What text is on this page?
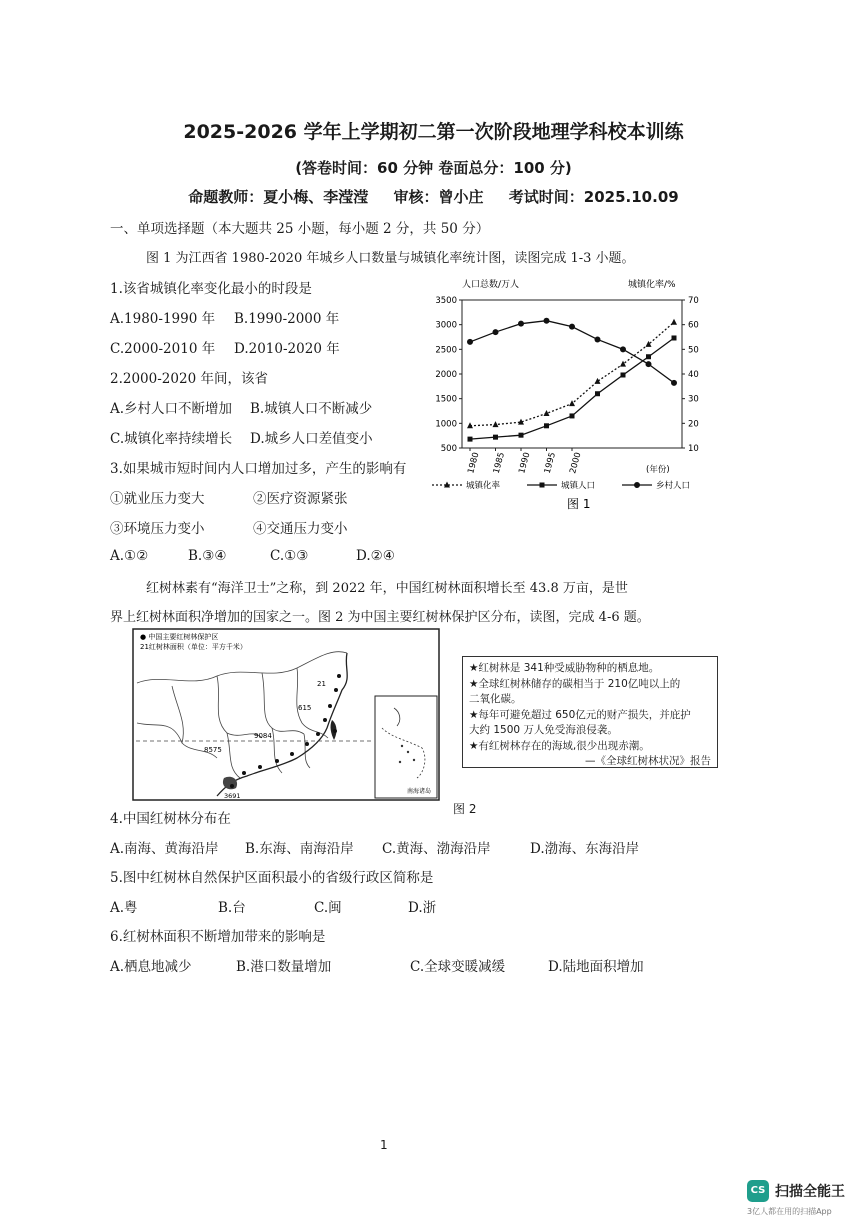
2025-2026 学年上学期初二第一次阶段地理学科校本训练
(答卷时间：60 分钟 卷面总分：100 分)
命题教师：夏小梅、李滢滢 审核：曾小庄 考试时间：2025.10.09
一、单项选择题（本大题共 25 小题，每小题 2 分，共 50 分）
图 1 为江西省 1980-2020 年城乡人口数量与城镇化率统计图，读图完成 1-3 小题。
1.该省城镇化率变化最小的时段是
A.1980-1990 年 B.1990-2000 年
C.2000-2010 年 D.2010-2020 年
2.2000-2020 年间，该省
A.乡村人口不断增加 B.城镇人口不断减少
C.城镇化率持续增长 D.城乡人口差值变小
3.如果城市短时间内人口增加过多，产生的影响有
①就业压力变大	②医疗资源紧张
③环境压力变小	④交通压力变小
A.①②	B.③④	C.①③	D.②④
人口总数/万人	城镇化率/%
(年份)
3500
3000
2500
2000
1500
1000
500
70
60
50
40
30
20
10
1980 1985 1990 1995 2000
城镇化率	城镇人口	乡村人口
图 1
红树林素有“海洋卫士”之称，到 2022 年，中国红树林面积增长至 43.8 万亩，是世
界上红树林面积净增加的国家之一。图 2 为中国主要红树林保护区分布，读图，完成 4-6 题。
● 中国主要红树林保护区
21红树林面积（单位：平方千米）
21
615
9084
8575
3691
南海诸岛
图 2
★红树林是 341种受威胁物种的栖息地。
★全球红树林储存的碳相当于 210亿吨以上的
二氧化碳。
★每年可避免超过 650亿元的财产损失，并庇护
大约 1500 万人免受海浪侵袭。
★有红树林存在的海域,很少出现赤潮。
—《全球红树林状况》报告
4.中国红树林分布在
A.南海、黄海沿岸 B.东海、南海沿岸 C.黄海、渤海沿岸	D.渤海、东海沿岸
5.图中红树林自然保护区面积最小的省级行政区简称是
A.粤	B.台	C.闽	D.浙
6.红树林面积不断增加带来的影响是
A.栖息地减少	B.港口数量增加	C.全球变暖减缓	D.陆地面积增加
1
CS 扫描全能王
3亿人都在用的扫描App
